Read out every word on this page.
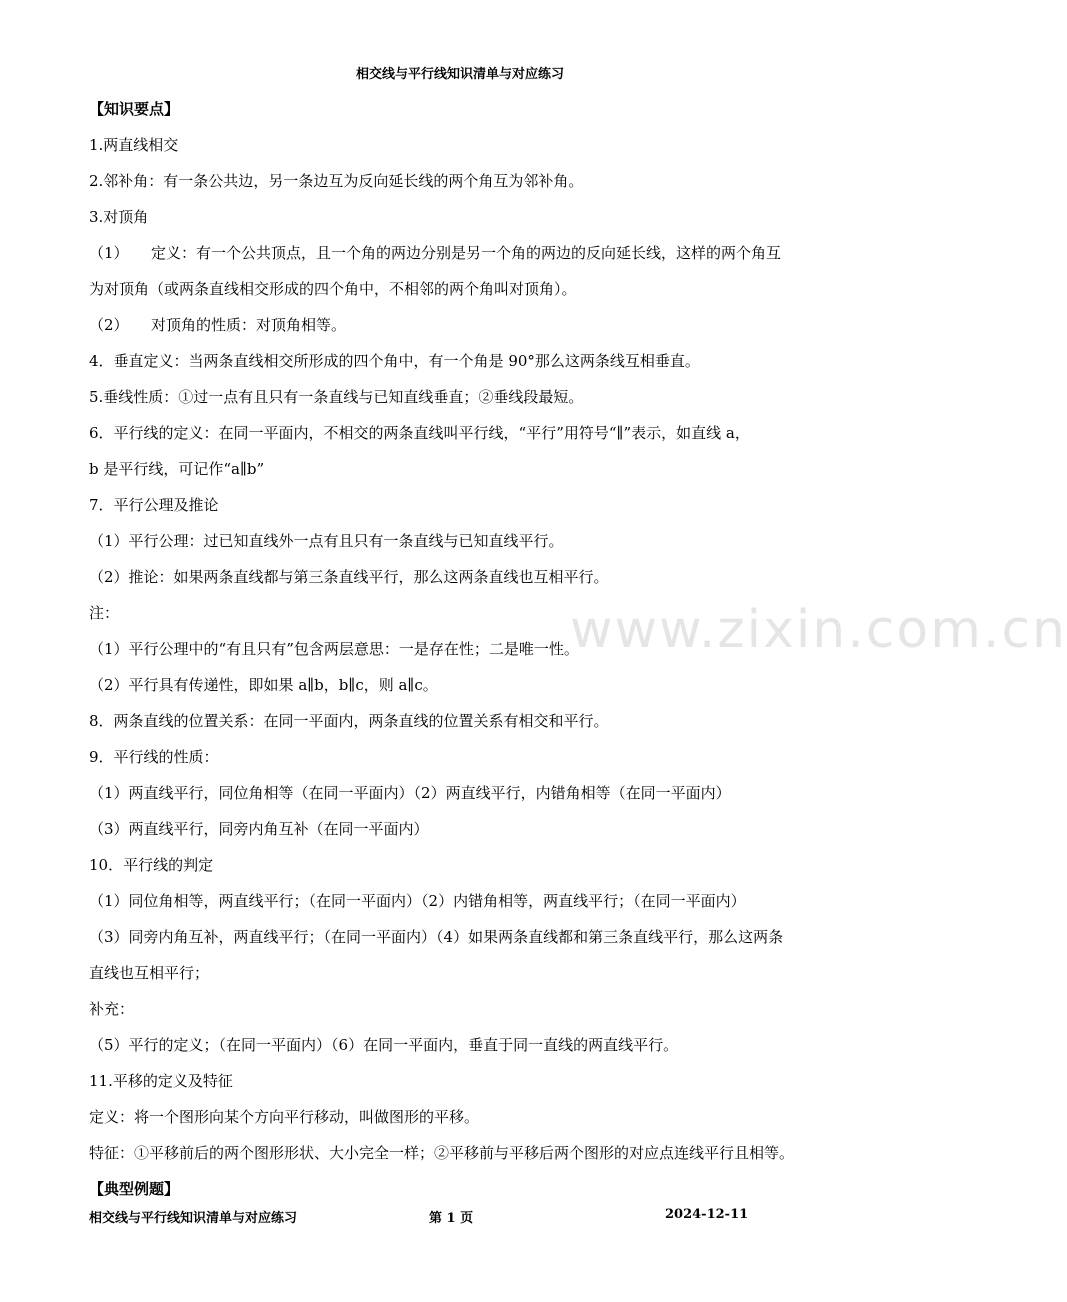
相交线与平行线知识清单与对应练习
【知识要点】
1.两直线相交
2.邻补角：有一条公共边，另一条边互为反向延长线的两个角互为邻补角。
3.对顶角
（1）　　定义：有一个公共顶点，且一个角的两边分别是另一个角的两边的反向延长线，这样的两个角互
为对顶角（或两条直线相交形成的四个角中，不相邻的两个角叫对顶角）。
（2）　　对顶角的性质：对顶角相等。
4．垂直定义：当两条直线相交所形成的四个角中，有一个角是 90°那么这两条线互相垂直。
5.垂线性质：①过一点有且只有一条直线与已知直线垂直；②垂线段最短。
6．平行线的定义：在同一平面内，不相交的两条直线叫平行线，“平行”用符号“∥”表示，如直线 a，
b 是平行线，可记作“a∥b”
7．平行公理及推论
（1）平行公理：过已知直线外一点有且只有一条直线与已知直线平行。
（2）推论：如果两条直线都与第三条直线平行，那么这两条直线也互相平行。
注：
（1）平行公理中的“有且只有”包含两层意思：一是存在性；二是唯一性。
（2）平行具有传递性，即如果 a∥b，b∥c，则 a∥c。
8．两条直线的位置关系：在同一平面内，两条直线的位置关系有相交和平行。
9．平行线的性质：
（1）两直线平行，同位角相等（在同一平面内）（2）两直线平行，内错角相等（在同一平面内）
（3）两直线平行，同旁内角互补（在同一平面内）
10．平行线的判定
（1）同位角相等，两直线平行；（在同一平面内）（2）内错角相等，两直线平行；（在同一平面内）
（3）同旁内角互补，两直线平行；（在同一平面内）（4）如果两条直线都和第三条直线平行，那么这两条
直线也互相平行；
补充：
（5）平行的定义；（在同一平面内）（6）在同一平面内，垂直于同一直线的两直线平行。
11.平移的定义及特征
定义：将一个图形向某个方向平行移动，叫做图形的平移。
特征：①平移前后的两个图形形状、大小完全一样；②平移前与平移后两个图形的对应点连线平行且相等。
【典型例题】
www.zixin.com.cn
相交线与平行线知识清单与对应练习	第 1 页	2024-12-11
